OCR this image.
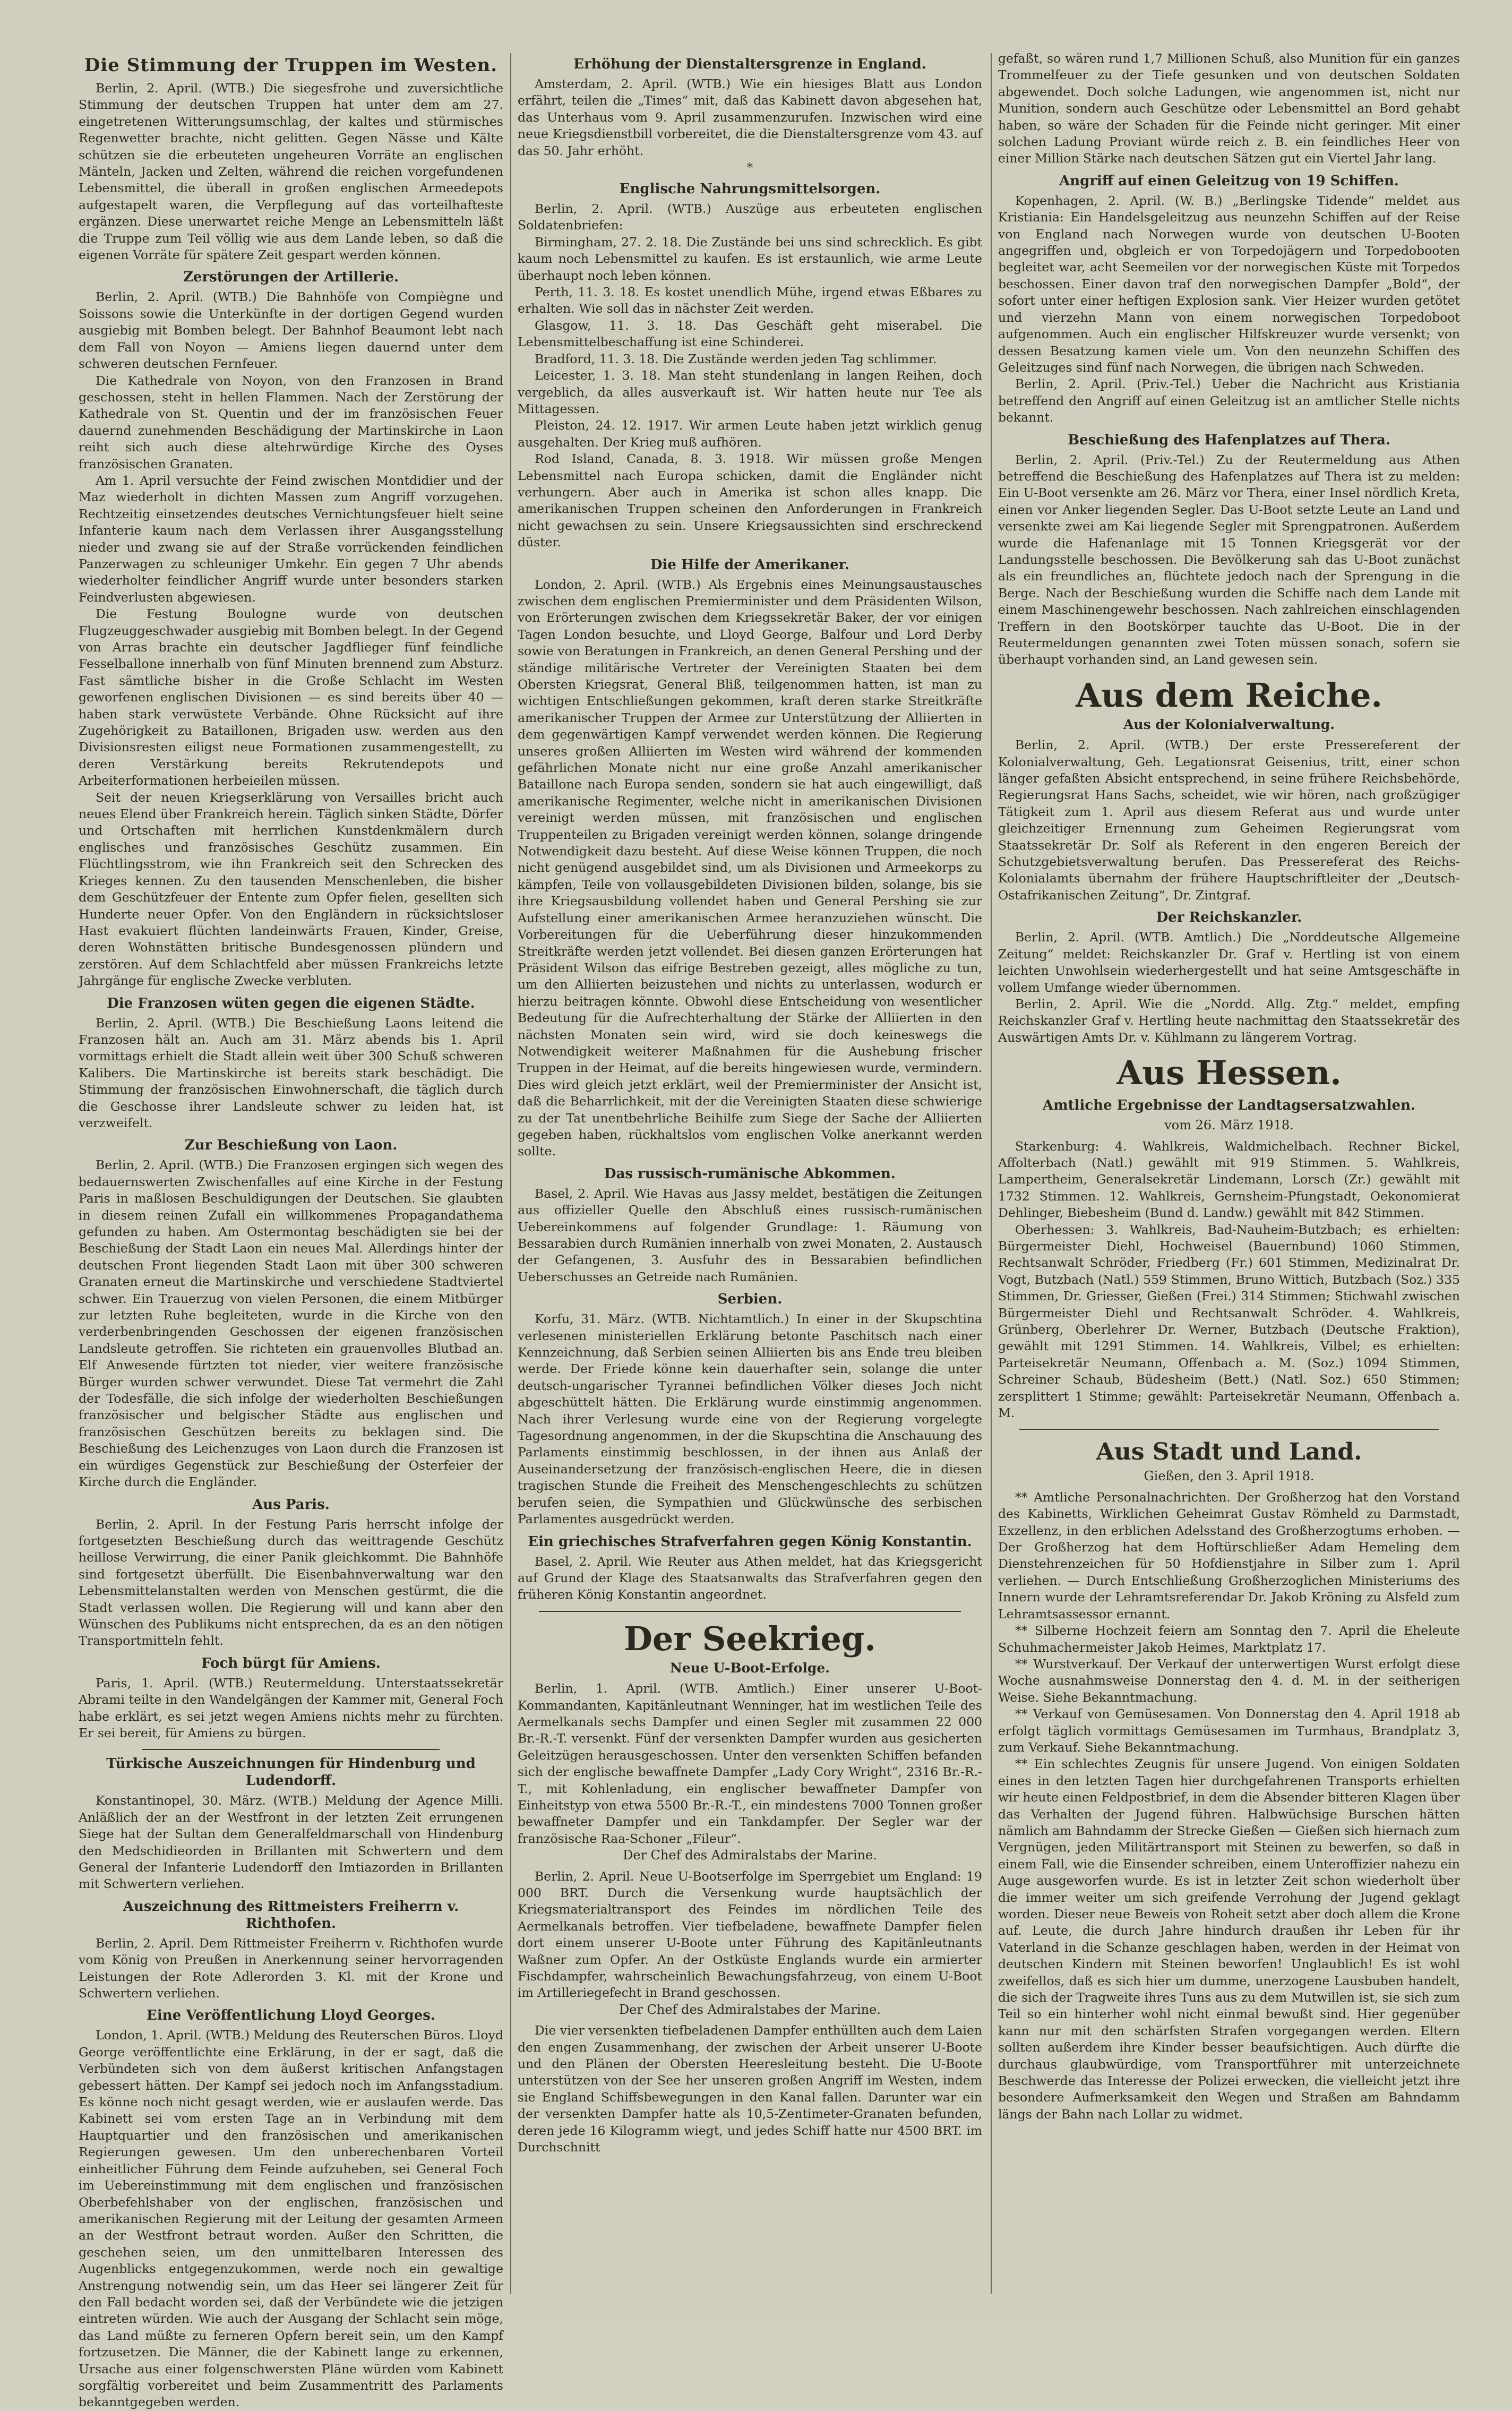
Die Stimmung der Truppen im Westen.

Berlin, 2. April. (WTB.) Die siegesfrohe und zuversichtliche Stimmung der deutschen Truppen hat unter dem am 27. eingetretenen Witterungsumschlag, der kaltes und stürmisches Regenwetter brachte, nicht gelitten. Gegen Nässe und Kälte schützen sie die erbeuteten ungeheuren Vorräte an englischen Mänteln, Jacken und Zelten, während die reichen vorgefundenen Lebensmittel, die überall in großen englischen Armeedepots aufgestapelt waren, die Verpflegung auf das vorteilhafteste ergänzen. Diese unerwartet reiche Menge an Lebensmitteln läßt die Truppe zum Teil völlig wie aus dem Lande leben, so daß die eigenen Vorräte für spätere Zeit gespart werden können.

Zerstörungen der Artillerie.

Berlin, 2. April. (WTB.) Die Bahnhöfe von Compiègne und Soissons sowie die Unterkünfte in der dortigen Gegend wurden ausgiebig mit Bomben belegt. Der Bahnhof Beaumont lebt nach dem Fall von Noyon — Amiens liegen dauernd unter dem schweren deutschen Fernfeuer.

Die Kathedrale von Noyon, von den Franzosen in Brand geschossen, steht in hellen Flammen. Nach der Zerstörung der Kathedrale von St. Quentin und der im französischen Feuer dauernd zunehmenden Beschädigung der Martinskirche in Laon reiht sich auch diese altehrwürdige Kirche des Oyses französischen Granaten.

Am 1. April versuchte der Feind zwischen Montdidier und der Maz wiederholt in dichten Massen zum Angriff vorzugehen. Rechtzeitig einsetzendes deutsches Vernichtungsfeuer hielt seine Infanterie kaum nach dem Verlassen ihrer Ausgangsstellung nieder und zwang sie auf der Straße vorrückenden feindlichen Panzerwagen zu schleuniger Umkehr. Ein gegen 7 Uhr abends wiederholter feindlicher Angriff wurde unter besonders starken Feindverlusten abgewiesen.

Die Festung Boulogne wurde von deutschen Flugzeuggeschwader ausgiebig mit Bomben belegt. In der Gegend von Arras brachte ein deutscher Jagdflieger fünf feindliche Fesselballone innerhalb von fünf Minuten brennend zum Absturz. Fast sämtliche bisher in die Große Schlacht im Westen geworfenen englischen Divisionen — es sind bereits über 40 — haben stark verwüstete Verbände. Ohne Rücksicht auf ihre Zugehörigkeit zu Bataillonen, Brigaden usw. werden aus den Divisionsresten eiligst neue Formationen zusammengestellt, zu deren Verstärkung bereits Rekrutendepots und Arbeiterformationen herbeieilen müssen.

Seit der neuen Kriegserklärung von Versailles bricht auch neues Elend über Frankreich herein. Täglich sinken Städte, Dörfer und Ortschaften mit herrlichen Kunstdenkmälern durch englisches und französisches Geschütz zusammen. Ein Flüchtlingsstrom, wie ihn Frankreich seit den Schrecken des Krieges kennen. Zu den tausenden Menschenleben, die bisher dem Geschützfeuer der Entente zum Opfer fielen, gesellten sich Hunderte neuer Opfer. Von den Engländern in rücksichtsloser Hast evakuiert flüchten landeinwärts Frauen, Kinder, Greise, deren Wohnstätten britische Bundesgenossen plündern und zerstören. Auf dem Schlachtfeld aber müssen Frankreichs letzte Jahrgänge für englische Zwecke verbluten.

Die Franzosen wüten gegen die eigenen Städte.

Berlin, 2. April. (WTB.) Die Beschießung Laons leitend die Franzosen hält an. Auch am 31. März abends bis 1. April vormittags erhielt die Stadt allein weit über 300 Schuß schweren Kalibers. Die Martinskirche ist bereits stark beschädigt. Die Stimmung der französischen Einwohnerschaft, die täglich durch die Geschosse ihrer Landsleute schwer zu leiden hat, ist verzweifelt.

Zur Beschießung von Laon.

Berlin, 2. April. (WTB.) Die Franzosen ergingen sich wegen des bedauernswerten Zwischenfalles auf eine Kirche in der Festung Paris in maßlosen Beschuldigungen der Deutschen. Sie glaubten in diesem reinen Zufall ein willkommenes Propagandathema gefunden zu haben. Am Ostermontag beschädigten sie bei der Beschießung der Stadt Laon ein neues Mal. Allerdings hinter der deutschen Front liegenden Stadt Laon mit über 300 schweren Granaten erneut die Martinskirche und verschiedene Stadtviertel schwer. Ein Trauerzug von vielen Personen, die einem Mitbürger zur letzten Ruhe begleiteten, wurde in die Kirche von den verderbenbringenden Geschossen der eigenen französischen Landsleute getroffen. Sie richteten ein grauenvolles Blutbad an. Elf Anwesende fürtzten tot nieder, vier weitere französische Bürger wurden schwer verwundet. Diese Tat vermehrt die Zahl der Todesfälle, die sich infolge der wiederholten Beschießungen französischer und belgischer Städte aus englischen und französischen Geschützen bereits zu beklagen sind. Die Beschießung des Leichenzuges von Laon durch die Franzosen ist ein würdiges Gegenstück zur Beschießung der Osterfeier der Kirche durch die Engländer.

Aus Paris.

Berlin, 2. April. In der Festung Paris herrscht infolge der fortgesetzten Beschießung durch das weittragende Geschütz heillose Verwirrung, die einer Panik gleichkommt. Die Bahnhöfe sind fortgesetzt überfüllt. Die Eisenbahnverwaltung war den Lebensmittelanstalten werden von Menschen gestürmt, die die Stadt verlassen wollen. Die Regierung will und kann aber den Wünschen des Publikums nicht entsprechen, da es an den nötigen Transportmitteln fehlt.

Foch bürgt für Amiens.

Paris, 1. April. (WTB.) Reutermeldung. Unterstaatssekretär Abrami teilte in den Wandelgängen der Kammer mit, General Foch habe erklärt, es sei jetzt wegen Amiens nichts mehr zu fürchten. Er sei bereit, für Amiens zu bürgen.

Türkische Auszeichnungen für Hindenburg und Ludendorff.

Konstantinopel, 30. März. (WTB.) Meldung der Agence Milli. Anläßlich der an der Westfront in der letzten Zeit errungenen Siege hat der Sultan dem Generalfeldmarschall von Hindenburg den Medschidieorden in Brillanten mit Schwertern und dem General der Infanterie Ludendorff den Imtiazorden in Brillanten mit Schwertern verliehen.

Auszeichnung des Rittmeisters Freiherrn v. Richthofen.

Berlin, 2. April. Dem Rittmeister Freiherrn v. Richthofen wurde vom König von Preußen in Anerkennung seiner hervorragenden Leistungen der Rote Adlerorden 3. Kl. mit der Krone und Schwertern verliehen.

Eine Veröffentlichung Lloyd Georges.

London, 1. April. (WTB.) Meldung des Reuterschen Büros. Lloyd George veröffentlichte eine Erklärung, in der er sagt, daß die Verbündeten sich von dem äußerst kritischen Anfangstagen gebessert hätten. Der Kampf sei jedoch noch im Anfangsstadium. Es könne noch nicht gesagt werden, wie er auslaufen werde. Das Kabinett sei vom ersten Tage an in Verbindung mit dem Hauptquartier und den französischen und amerikanischen Regierungen gewesen. Um den unberechenbaren Vorteil einheitlicher Führung dem Feinde aufzuheben, sei General Foch im Uebereinstimmung mit dem englischen und französischen Oberbefehlshaber von der englischen, französischen und amerikanischen Regierung mit der Leitung der gesamten Armeen an der Westfront betraut worden. Außer den Schritten, die geschehen seien, um den unmittelbaren Interessen des Augenblicks entgegenzukommen, werde noch ein gewaltige Anstrengung notwendig sein, um das Heer sei längerer Zeit für den Fall bedacht worden sei, daß der Verbündete wie die jetzigen eintreten würden. Wie auch der Ausgang der Schlacht sein möge, das Land müßte zu ferneren Opfern bereit sein, um den Kampf fortzusetzen. Die Männer, die der Kabinett lange zu erkennen, Ursache aus einer folgenschwersten Pläne würden vom Kabinett sorgfältig vorbereitet und beim Zusammentritt des Parlaments bekanntgegeben werden.

Erhöhung der Dienstaltersgrenze in England.

Amsterdam, 2. April. (WTB.) Wie ein hiesiges Blatt aus London erfährt, teilen die „Times“ mit, daß das Kabinett davon abgesehen hat, das Unterhaus vom 9. April zusammenzurufen. Inzwischen wird eine neue Kriegsdienstbill vorbereitet, die die Dienstaltersgrenze vom 43. auf das 50. Jahr erhöht.

*
Englische Nahrungsmittelsorgen.

Berlin, 2. April. (WTB.) Auszüge aus erbeuteten englischen Soldatenbriefen:

Birmingham, 27. 2. 18. Die Zustände bei uns sind schrecklich. Es gibt kaum noch Lebensmittel zu kaufen. Es ist erstaunlich, wie arme Leute überhaupt noch leben können.

Perth, 11. 3. 18. Es kostet unendlich Mühe, irgend etwas Eßbares zu erhalten. Wie soll das in nächster Zeit werden.

Glasgow, 11. 3. 18. Das Geschäft geht miserabel. Die Lebensmittelbeschaffung ist eine Schinderei.

Bradford, 11. 3. 18. Die Zustände werden jeden Tag schlimmer.

Leicester, 1. 3. 18. Man steht stundenlang in langen Reihen, doch vergeblich, da alles ausverkauft ist. Wir hatten heute nur Tee als Mittagessen.

Pleiston, 24. 12. 1917. Wir armen Leute haben jetzt wirklich genug ausgehalten. Der Krieg muß aufhören.

Rod Island, Canada, 8. 3. 1918. Wir müssen große Mengen Lebensmittel nach Europa schicken, damit die Engländer nicht verhungern. Aber auch in Amerika ist schon alles knapp. Die amerikanischen Truppen scheinen den Anforderungen in Frankreich nicht gewachsen zu sein. Unsere Kriegsaussichten sind erschreckend düster.

Die Hilfe der Amerikaner.

London, 2. April. (WTB.) Als Ergebnis eines Meinungsaustausches zwischen dem englischen Premierminister und dem Präsidenten Wilson, von Erörterungen zwischen dem Kriegssekretär Baker, der vor einigen Tagen London besuchte, und Lloyd George, Balfour und Lord Derby sowie von Beratungen in Frankreich, an denen General Pershing und der ständige militärische Vertreter der Vereinigten Staaten bei dem Obersten Kriegsrat, General Bliß, teilgenommen hatten, ist man zu wichtigen Entschließungen gekommen, kraft deren starke Streitkräfte amerikanischer Truppen der Armee zur Unterstützung der Alliierten in dem gegenwärtigen Kampf verwendet werden können. Die Regierung unseres großen Alliierten im Westen wird während der kommenden gefährlichen Monate nicht nur eine große Anzahl amerikanischer Bataillone nach Europa senden, sondern sie hat auch eingewilligt, daß amerikanische Regimenter, welche nicht in amerikanischen Divisionen vereinigt werden müssen, mit französischen und englischen Truppenteilen zu Brigaden vereinigt werden können, solange dringende Notwendigkeit dazu besteht. Auf diese Weise können Truppen, die noch nicht genügend ausgebildet sind, um als Divisionen und Armeekorps zu kämpfen, Teile von vollausgebildeten Divisionen bilden, solange, bis sie ihre Kriegsausbildung vollendet haben und General Pershing sie zur Aufstellung einer amerikanischen Armee heranzuziehen wünscht. Die Vorbereitungen für die Ueberführung dieser hinzukommenden Streitkräfte werden jetzt vollendet. Bei diesen ganzen Erörterungen hat Präsident Wilson das eifrige Bestreben gezeigt, alles mögliche zu tun, um den Alliierten beizustehen und nichts zu unterlassen, wodurch er hierzu beitragen könnte. Obwohl diese Entscheidung von wesentlicher Bedeutung für die Aufrechterhaltung der Stärke der Alliierten in den nächsten Monaten sein wird, wird sie doch keineswegs die Notwendigkeit weiterer Maßnahmen für die Aushebung frischer Truppen in der Heimat, auf die bereits hingewiesen wurde, vermindern. Dies wird gleich jetzt erklärt, weil der Premierminister der Ansicht ist, daß die Beharrlichkeit, mit der die Vereinigten Staaten diese schwierige zu der Tat unentbehrliche Beihilfe zum Siege der Sache der Alliierten gegeben haben, rückhaltslos vom englischen Volke anerkannt werden sollte.

Das russisch-rumänische Abkommen.

Basel, 2. April. Wie Havas aus Jassy meldet, bestätigen die Zeitungen aus offizieller Quelle den Abschluß eines russisch-rumänischen Uebereinkommens auf folgender Grundlage: 1. Räumung von Bessarabien durch Rumänien innerhalb von zwei Monaten, 2. Austausch der Gefangenen, 3. Ausfuhr des in Bessarabien befindlichen Ueberschusses an Getreide nach Rumänien.

Serbien.

Korfu, 31. März. (WTB. Nichtamtlich.) In einer in der Skupschtina verlesenen ministeriellen Erklärung betonte Paschitsch nach einer Kennzeichnung, daß Serbien seinen Alliierten bis ans Ende treu bleiben werde. Der Friede könne kein dauerhafter sein, solange die unter deutsch-ungarischer Tyrannei befindlichen Völker dieses Joch nicht abgeschüttelt hätten. Die Erklärung wurde einstimmig angenommen. Nach ihrer Verlesung wurde eine von der Regierung vorgelegte Tagesordnung angenommen, in der die Skupschtina die Anschauung des Parlaments einstimmig beschlossen, in der ihnen aus Anlaß der Auseinandersetzung der französisch-englischen Heere, die in diesen tragischen Stunde die Freiheit des Menschengeschlechts zu schützen berufen seien, die Sympathien und Glückwünsche des serbischen Parlamentes ausgedrückt werden.

Ein griechisches Strafverfahren gegen König Konstantin.

Basel, 2. April. Wie Reuter aus Athen meldet, hat das Kriegsgericht auf Grund der Klage des Staatsanwalts das Strafverfahren gegen den früheren König Konstantin angeordnet.

Der Seekrieg.
Neue U-Boot-Erfolge.

Berlin, 1. April. (WTB. Amtlich.) Einer unserer U-Boot-Kommandanten, Kapitänleutnant Wenninger, hat im westlichen Teile des Aermelkanals sechs Dampfer und einen Segler mit zusammen 22 000 Br.-R.-T. versenkt. Fünf der versenkten Dampfer wurden aus gesicherten Geleitzügen herausgeschossen. Unter den versenkten Schiffen befanden sich der englische bewaffnete Dampfer „Lady Cory Wright“, 2316 Br.-R.-T., mit Kohlenladung, ein englischer bewaffneter Dampfer von Einheitstyp von etwa 5500 Br.-R.-T., ein mindestens 7000 Tonnen großer bewaffneter Dampfer und ein Tankdampfer. Der Segler war der französische Raa-Schoner „Fileur“.

Der Chef des Admiralstabs der Marine.

Berlin, 2. April. Neue U-Bootserfolge im Sperrgebiet um England: 19 000 BRT. Durch die Versenkung wurde hauptsächlich der Kriegsmaterialtransport des Feindes im nördlichen Teile des Aermelkanals betroffen. Vier tiefbeladene, bewaffnete Dampfer fielen dort einem unserer U-Boote unter Führung des Kapitänleutnants Waßner zum Opfer. An der Ostküste Englands wurde ein armierter Fischdampfer, wahrscheinlich Bewachungsfahrzeug, von einem U-Boot im Artilleriegefecht in Brand geschossen.

Der Chef des Admiralstabes der Marine.

Die vier versenkten tiefbeladenen Dampfer enthüllten auch dem Laien den engen Zusammenhang, der zwischen der Arbeit unserer U-Boote und den Plänen der Obersten Heeresleitung besteht. Die U-Boote unterstützen von der See her unseren großen Angriff im Westen, indem sie England Schiffsbewegungen in den Kanal fallen. Darunter war ein der versenkten Dampfer hatte als 10,5-Zentimeter-Granaten befunden, deren jede 16 Kilogramm wiegt, und jedes Schiff hatte nur 4500 BRT. im Durchschnitt

gefaßt, so wären rund 1,7 Millionen Schuß, also Munition für ein ganzes Trommelfeuer zu der Tiefe gesunken und von deutschen Soldaten abgewendet. Doch solche Ladungen, wie angenommen ist, nicht nur Munition, sondern auch Geschütze oder Lebensmittel an Bord gehabt haben, so wäre der Schaden für die Feinde nicht geringer. Mit einer solchen Ladung Proviant würde reich z. B. ein feindliches Heer von einer Million Stärke nach deutschen Sätzen gut ein Viertel Jahr lang.

Angriff auf einen Geleitzug von 19 Schiffen.

Kopenhagen, 2. April. (W. B.) „Berlingske Tidende“ meldet aus Kristiania: Ein Handelsgeleitzug aus neunzehn Schiffen auf der Reise von England nach Norwegen wurde von deutschen U-Booten angegriffen und, obgleich er von Torpedojägern und Torpedobooten begleitet war, acht Seemeilen vor der norwegischen Küste mit Torpedos beschossen. Einer davon traf den norwegischen Dampfer „Bold“, der sofort unter einer heftigen Explosion sank. Vier Heizer wurden getötet und vierzehn Mann von einem norwegischen Torpedoboot aufgenommen. Auch ein englischer Hilfskreuzer wurde versenkt; von dessen Besatzung kamen viele um. Von den neunzehn Schiffen des Geleitzuges sind fünf nach Norwegen, die übrigen nach Schweden.

Berlin, 2. April. (Priv.-Tel.) Ueber die Nachricht aus Kristiania betreffend den Angriff auf einen Geleitzug ist an amtlicher Stelle nichts bekannt.

Beschießung des Hafenplatzes auf Thera.

Berlin, 2. April. (Priv.-Tel.) Zu der Reutermeldung aus Athen betreffend die Beschießung des Hafenplatzes auf Thera ist zu melden: Ein U-Boot versenkte am 26. März vor Thera, einer Insel nördlich Kreta, einen vor Anker liegenden Segler. Das U-Boot setzte Leute an Land und versenkte zwei am Kai liegende Segler mit Sprengpatronen. Außerdem wurde die Hafenanlage mit 15 Tonnen Kriegsgerät vor der Landungsstelle beschossen. Die Bevölkerung sah das U-Boot zunächst als ein freundliches an, flüchtete jedoch nach der Sprengung in die Berge. Nach der Beschießung wurden die Schiffe nach dem Lande mit einem Maschinengewehr beschossen. Nach zahlreichen einschlagenden Treffern in den Bootskörper tauchte das U-Boot. Die in der Reutermeldungen genannten zwei Toten müssen sonach, sofern sie überhaupt vorhanden sind, an Land gewesen sein.

Aus dem Reiche.
Aus der Kolonialverwaltung.

Berlin, 2. April. (WTB.) Der erste Pressereferent der Kolonialverwaltung, Geh. Legationsrat Geisenius, tritt, einer schon länger gefaßten Absicht entsprechend, in seine frühere Reichsbehörde, Regierungsrat Hans Sachs, scheidet, wie wir hören, nach großzügiger Tätigkeit zum 1. April aus diesem Referat aus und wurde unter gleichzeitiger Ernennung zum Geheimen Regierungsrat vom Staatssekretär Dr. Solf als Referent in den engeren Bereich der Schutzgebietsverwaltung berufen. Das Pressereferat des Reichs-Kolonialamts übernahm der frühere Hauptschriftleiter der „Deutsch-Ostafrikanischen Zeitung“, Dr. Zintgraf.

Der Reichskanzler.

Berlin, 2. April. (WTB. Amtlich.) Die „Norddeutsche Allgemeine Zeitung“ meldet: Reichskanzler Dr. Graf v. Hertling ist von einem leichten Unwohlsein wiederhergestellt und hat seine Amtsgeschäfte in vollem Umfange wieder übernommen.

Berlin, 2. April. Wie die „Nordd. Allg. Ztg.“ meldet, empfing Reichskanzler Graf v. Hertling heute nachmittag den Staatssekretär des Auswärtigen Amts Dr. v. Kühlmann zu längerem Vortrag.

Aus Hessen.
Amtliche Ergebnisse der Landtagsersatzwahlen.
vom 26. März 1918.

Starkenburg: 4. Wahlkreis, Waldmichelbach. Rechner Bickel, Affolterbach (Natl.) gewählt mit 919 Stimmen. 5. Wahlkreis, Lampertheim, Generalsekretär Lindemann, Lorsch (Zr.) gewählt mit 1732 Stimmen. 12. Wahlkreis, Gernsheim-Pfungstadt, Oekonomierat Dehlinger, Biebesheim (Bund d. Landw.) gewählt mit 842 Stimmen.

Oberhessen: 3. Wahlkreis, Bad-Nauheim-Butzbach; es erhielten: Bürgermeister Diehl, Hochweisel (Bauernbund) 1060 Stimmen, Rechtsanwalt Schröder, Friedberg (Fr.) 601 Stimmen, Medizinalrat Dr. Vogt, Butzbach (Natl.) 559 Stimmen, Bruno Wittich, Butzbach (Soz.) 335 Stimmen, Dr. Griesser, Gießen (Frei.) 314 Stimmen; Stichwahl zwischen Bürgermeister Diehl und Rechtsanwalt Schröder. 4. Wahlkreis, Grünberg, Oberlehrer Dr. Werner, Butzbach (Deutsche Fraktion), gewählt mit 1291 Stimmen. 14. Wahlkreis, Vilbel; es erhielten: Parteisekretär Neumann, Offenbach a. M. (Soz.) 1094 Stimmen, Schreiner Schaub, Büdesheim (Bett.) (Natl. Soz.) 650 Stimmen; zersplittert 1 Stimme; gewählt: Parteisekretär Neumann, Offenbach a. M.

Aus Stadt und Land.
Gießen, den 3. April 1918.

** Amtliche Personalnachrichten. Der Großherzog hat den Vorstand des Kabinetts, Wirklichen Geheimrat Gustav Römheld zu Darmstadt, Exzellenz, in den erblichen Adelsstand des Großherzogtums erhoben. — Der Großherzog hat dem Hoftürschließer Adam Hemeling dem Dienstehrenzeichen für 50 Hofdienstjahre in Silber zum 1. April verliehen. — Durch Entschließung Großherzoglichen Ministeriums des Innern wurde der Lehramtsreferendar Dr. Jakob Kröning zu Alsfeld zum Lehramtsassessor ernannt.

** Silberne Hochzeit feiern am Sonntag den 7. April die Eheleute Schuhmachermeister Jakob Heimes, Marktplatz 17.

** Wurstverkauf. Der Verkauf der unterwertigen Wurst erfolgt diese Woche ausnahmsweise Donnerstag den 4. d. M. in der seitherigen Weise. Siehe Bekanntmachung.

** Verkauf von Gemüsesamen. Von Donnerstag den 4. April 1918 ab erfolgt täglich vormittags Gemüsesamen im Turmhaus, Brandplatz 3, zum Verkauf. Siehe Bekanntmachung.

** Ein schlechtes Zeugnis für unsere Jugend. Von einigen Soldaten eines in den letzten Tagen hier durchgefahrenen Transports erhielten wir heute einen Feldpostbrief, in dem die Absender bitteren Klagen über das Verhalten der Jugend führen. Halbwüchsige Burschen hätten nämlich am Bahndamm der Strecke Gießen — Gießen sich hiernach zum Vergnügen, jeden Militärtransport mit Steinen zu bewerfen, so daß in einem Fall, wie die Einsender schreiben, einem Unteroffizier nahezu ein Auge ausgeworfen wurde. Es ist in letzter Zeit schon wiederholt über die immer weiter um sich greifende Verrohung der Jugend geklagt worden. Dieser neue Beweis von Roheit setzt aber doch allem die Krone auf. Leute, die durch Jahre hindurch draußen ihr Leben für ihr Vaterland in die Schanze geschlagen haben, werden in der Heimat von deutschen Kindern mit Steinen beworfen! Unglaublich! Es ist wohl zweifellos, daß es sich hier um dumme, unerzogene Lausbuben handelt, die sich der Tragweite ihres Tuns aus zu dem Mutwillen ist, sie sich zum Teil so ein hinterher wohl nicht einmal bewußt sind. Hier gegenüber kann nur mit den schärfsten Strafen vorgegangen werden. Eltern sollten außerdem ihre Kinder besser beaufsichtigen. Auch dürfte die durchaus glaubwürdige, vom Transportführer mit unterzeichnete Beschwerde das Interesse der Polizei erwecken, die vielleicht jetzt ihre besondere Aufmerksamkeit den Wegen und Straßen am Bahndamm längs der Bahn nach Lollar zu widmet.
